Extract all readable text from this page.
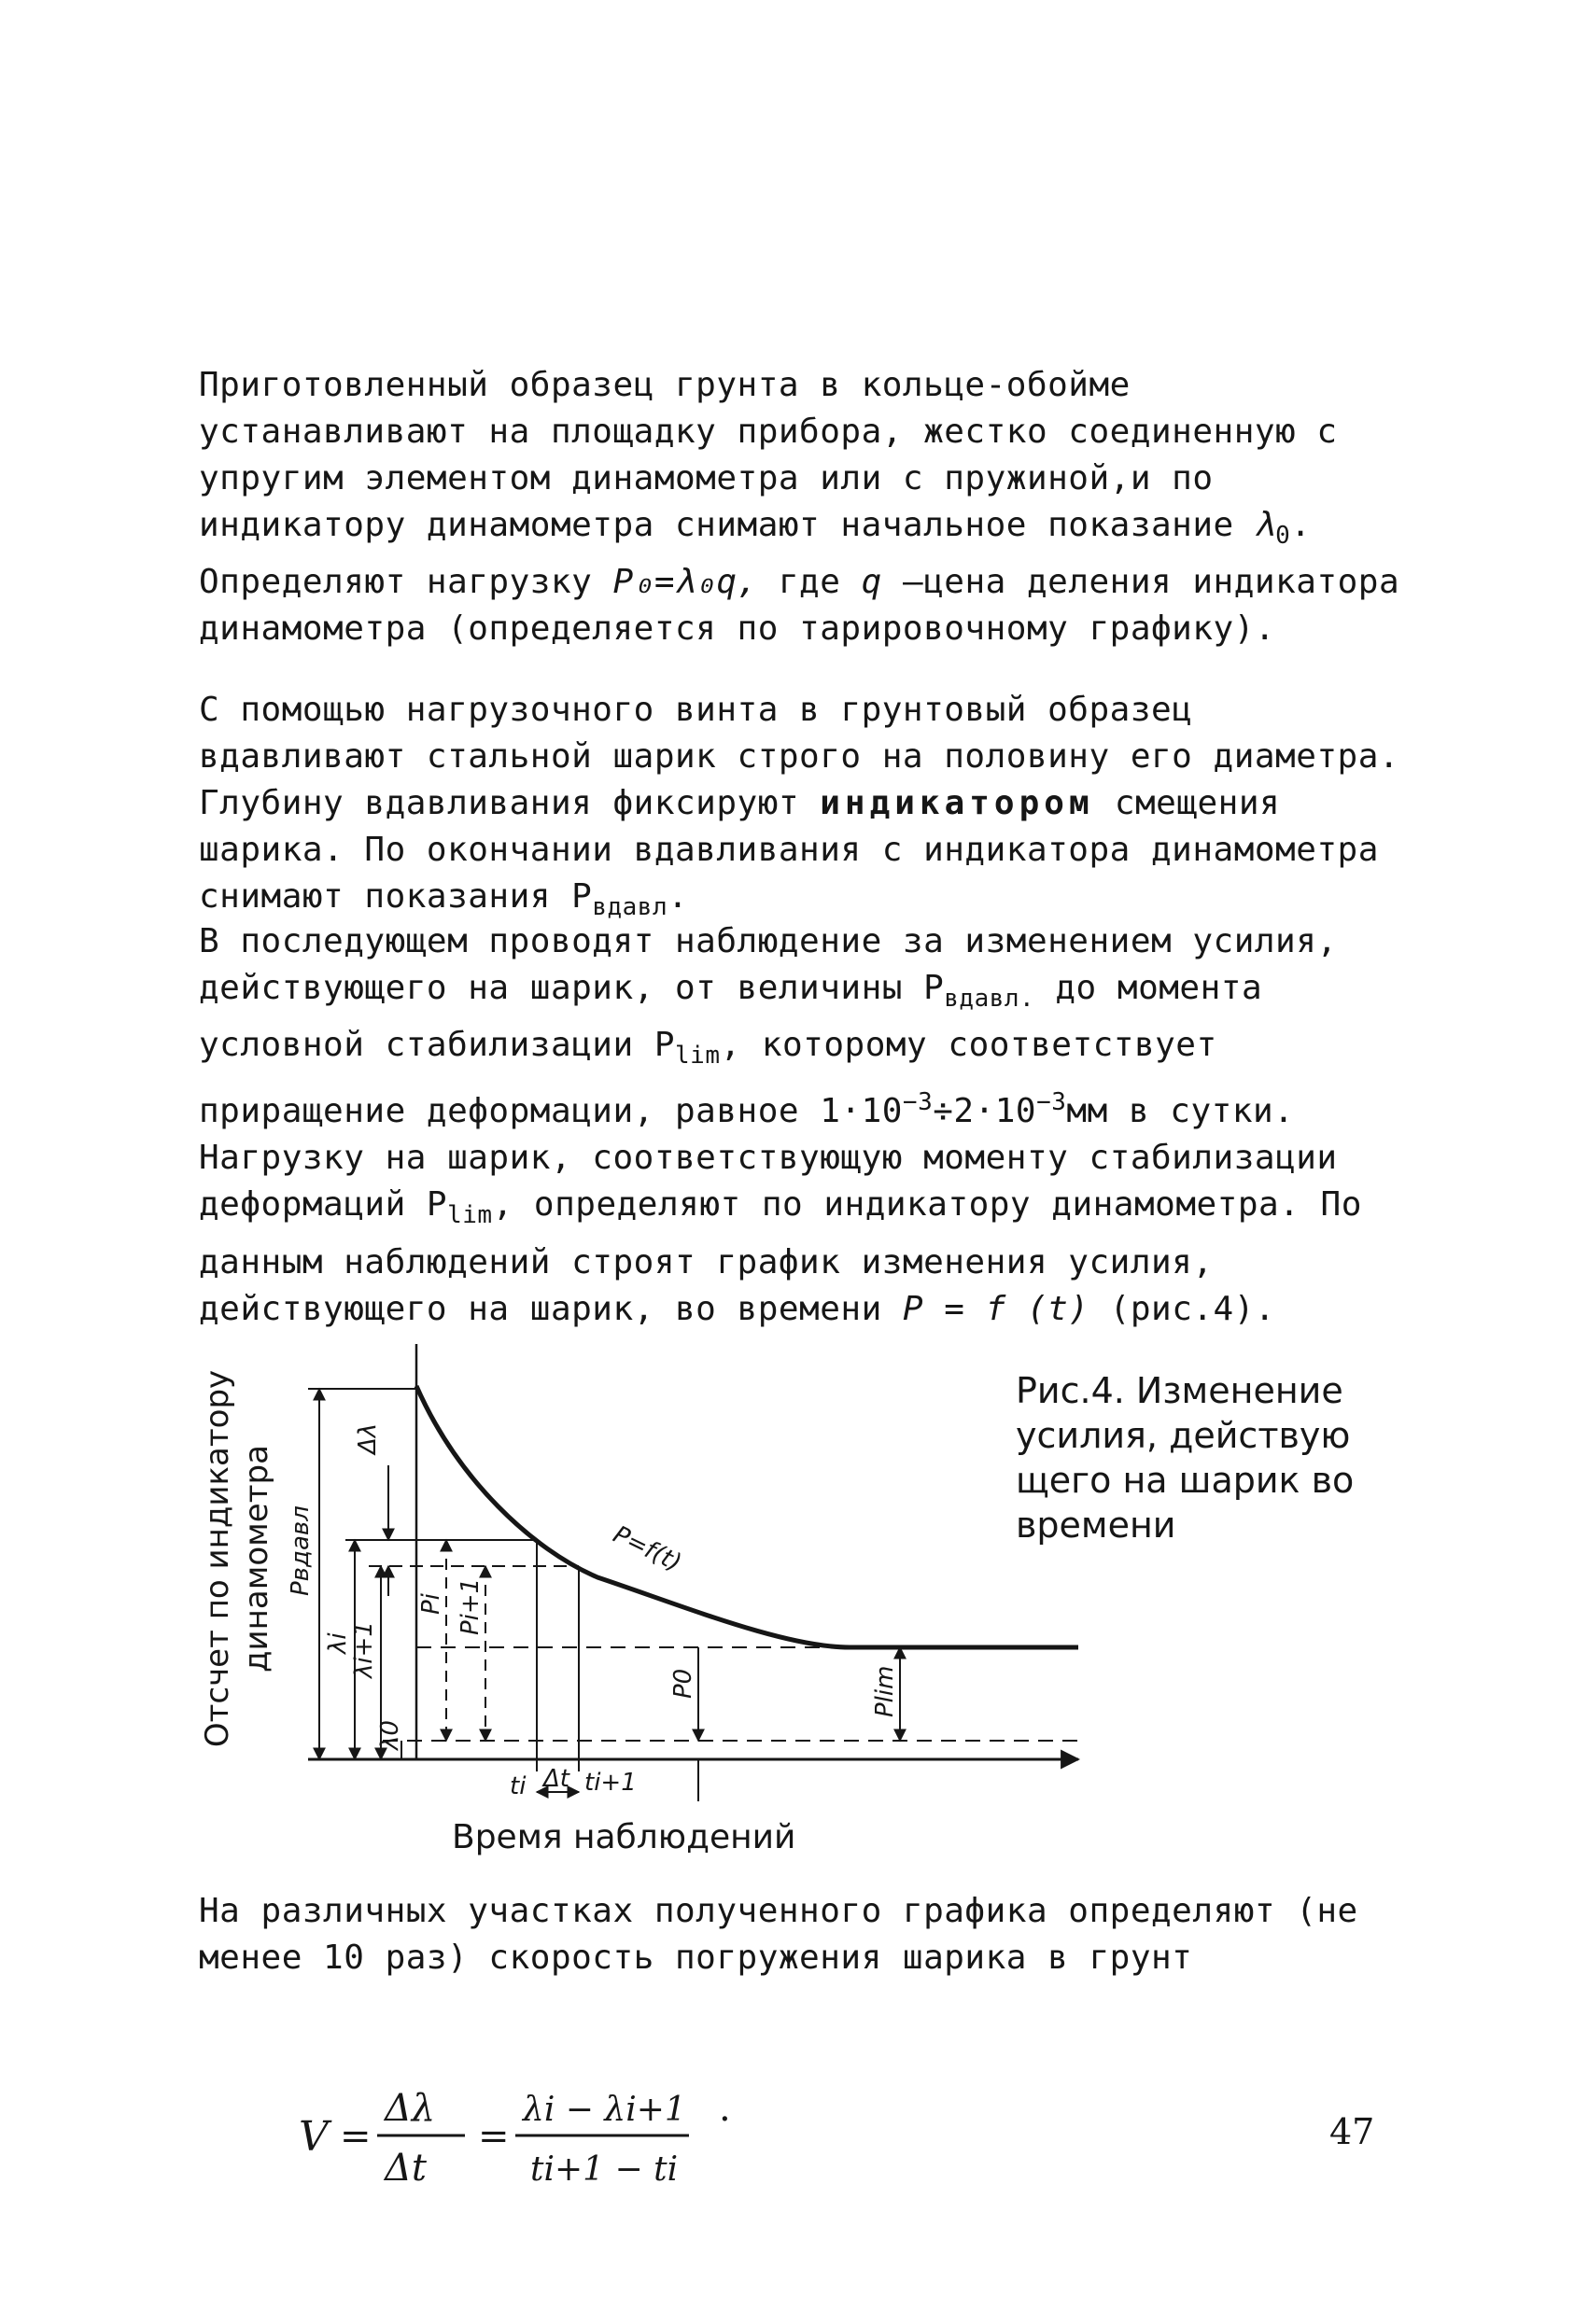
Приготовленный образец грунта в кольце-обойме устанавливают на площадку прибора, жестко соединенную с упругим элементом динамометра или с пружиной,и по индикатору динамометра снимают начальное показание $\lambda_0$. Определяют нагрузку P₀=λ₀q, где q —цена деления индикатора динамометра (определяется по тарировочному графику).

С помощью нагрузочного винта в грунтовый образец вдавливают стальной шарик строго на половину его диаметра. Глубину вдавливания фиксируют индикатором смещения шарика. По окончании вдавливания с индикатора динамометра снимают показания $P_{вдавл}$.

В последующем проводят наблюдение за изменением усилия, действующего на шарик, от величины $P_{вдавл.}$ до момента условной стабилизации $P_{lim}$, которому соответствует приращение деформации, равное $1\cdot 10^{-3}\div 2\cdot 10^{-3}мм$ в сутки. Нагрузку на шарик, соответствующую моменту стабилизации деформаций $P_{lim}$, определяют по индикатору динамометра. По данным наблюдений строят график изменения усилия, действующего на шарик, во времени P = f (t) (рис.4).

P=f(t)
Pвдавл
Δλ
λi
λi+1
λ0
Pi Pi+1
P0	Plim
ti Δt ti+1
Рис.4. Изменение усилия, действую щего на шарик во времени
Отсчет по индикатору динамометра
Время наблюдений

На различных участках полученного графика определяют (не менее 10 раз) скорость погружения шарика в грунт

V =
Δλ
Δt
=
λi − λi+1
ti+1 − ti
.
47
